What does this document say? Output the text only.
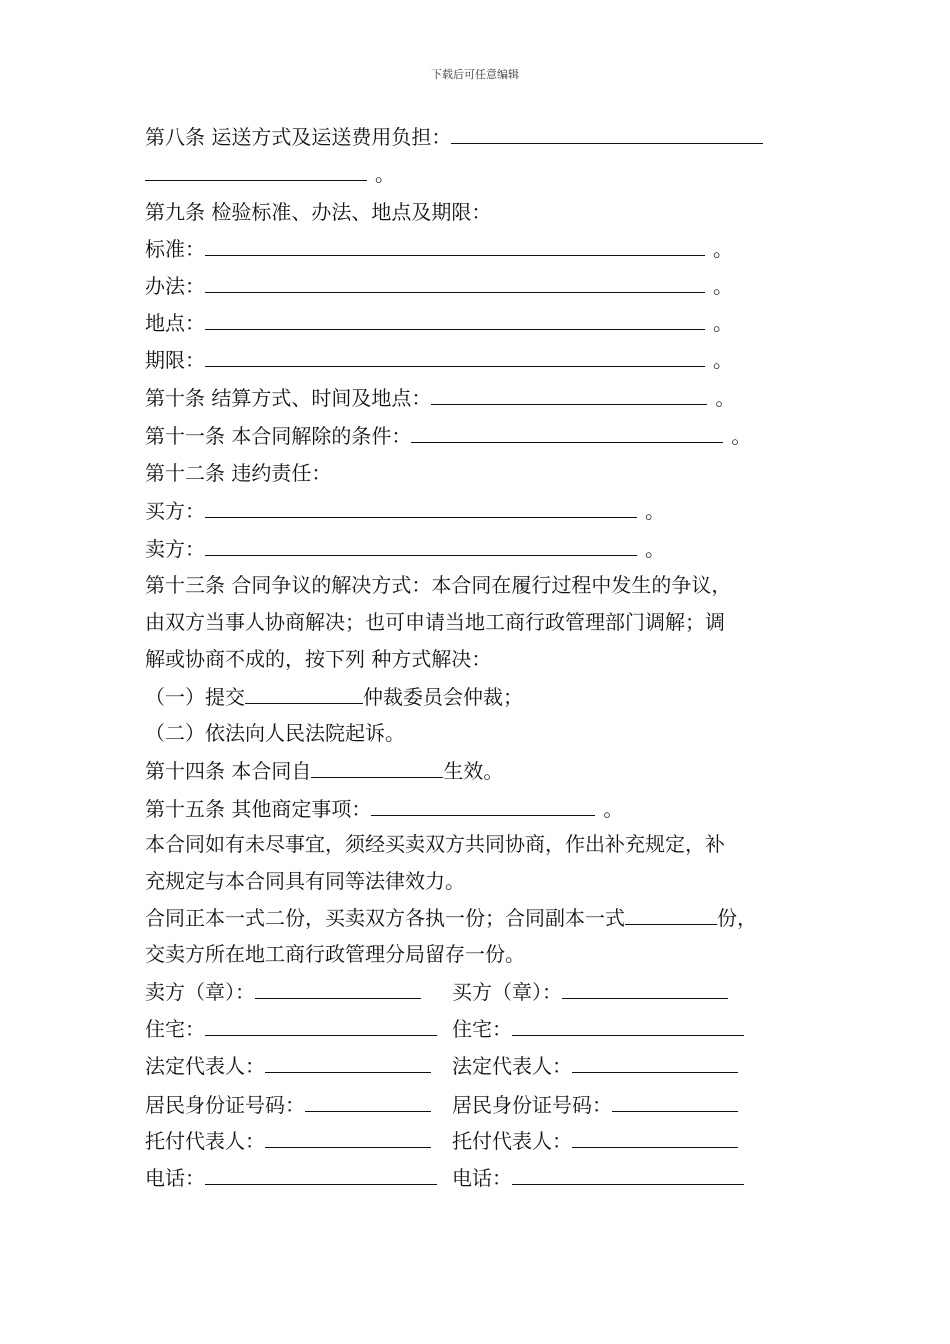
下载后可任意编辑
第八条 运送方式及运送费用负担：
。
第九条 检验标准、办法、地点及期限：
标准：	。
办法：	。
地点：	。
期限：	。
第十条 结算方式、时间及地点：	。
第十一条 本合同解除的条件：	。
第十二条 违约责任：
买方：	。
卖方：	。
第十三条 合同争议的解决方式：本合同在履行过程中发生的争议，
由双方当事人协商解决；也可申请当地工商行政管理部门调解；调
解或协商不成的，按下列 种方式解决：
（一）提交	仲裁委员会仲裁；
（二）依法向人民法院起诉。
第十四条 本合同自	生效。
第十五条 其他商定事项：	。
本合同如有未尽事宜，须经买卖双方共同协商，作出补充规定，补
充规定与本合同具有同等法律效力。
合同正本一式二份，买卖双方各执一份；合同副本一式	份，
交卖方所在地工商行政管理分局留存一份。
卖方（章）：	买方（章）：
住宅：	住宅：
法定代表人：	法定代表人：
居民身份证号码：	居民身份证号码：
托付代表人：	托付代表人：
电话：	电话：
